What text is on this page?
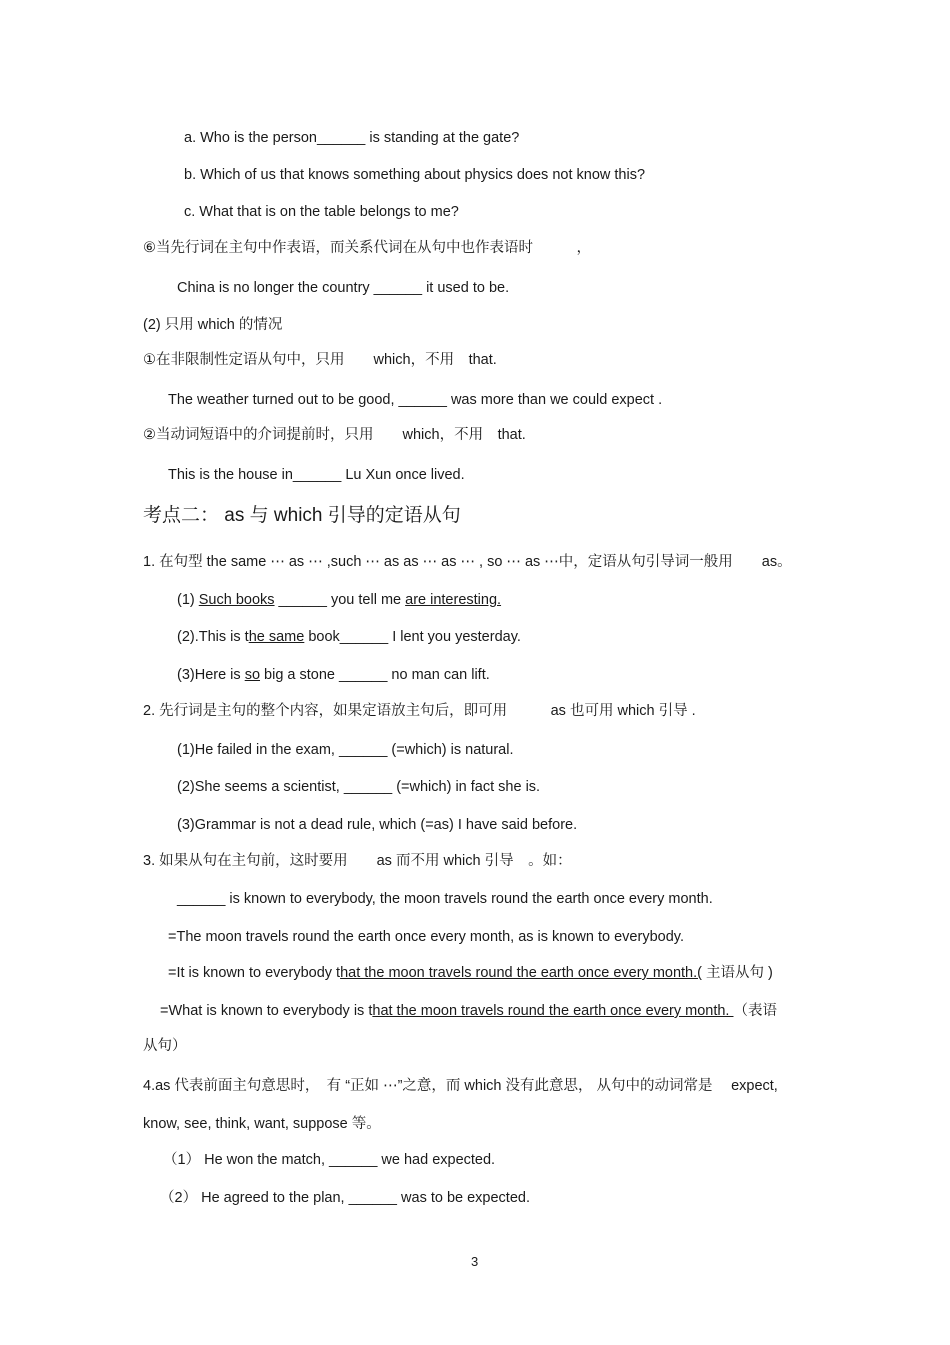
a. Who is the person______ is standing at the gate?
b. Which of us that knows something about physics does not know this?
c. What that is on the table belongs to me?
⑥当先行词在主句中作表语，而关系代词在从句中也作表语时　　　，
China is no longer the country ______ it used to be.
(2) 只用 which 的情况
①在非限制性定语从句中，只用　　which，不用　that.
The weather turned out to be good, ______ was more than we could expect .
②当动词短语中的介词提前时，只用　　which，不用　that.
This is the house in______ Lu Xun once lived.
考点二： as 与 which 引导的定语从句
1. 在句型 the same ⋯ as ⋯ ,such ⋯ as as ⋯ as ⋯ , so ⋯ as ⋯中，定语从句引导词一般用　　as。
(1) Such books ______ you tell me are interesting.
(2).This is the same book______ I lent you yesterday.
(3)Here is so big a stone ______ no man can lift.
2. 先行词是主句的整个内容，如果定语放主句后，即可用　　　as 也可用 which 引导 .
(1)He failed in the exam, ______ (=which) is natural.
(2)She seems a scientist, ______ (=which) in fact she is.
(3)Grammar is not a dead rule, which (=as) I have said before.
3. 如果从句在主句前，这时要用　　as 而不用 which 引导　。如：
______ is known to everybody, the moon travels round the earth once every month.
=The moon travels round the earth once every month, as is known to everybody.
=It is known to everybody that the moon travels round the earth once every month.( 主语从句 )
=What is known to everybody is that the moon travels round the earth once every month. （表语
从句）
4.as 代表前面主句意思时，　有 “正如 ⋯”之意，而 which 没有此意思， 从句中的动词常是　 expect,
know, see, think, want, suppose 等。
（1） He won the match, ______ we had expected.
（2） He agreed to the plan, ______ was to be expected.
3
